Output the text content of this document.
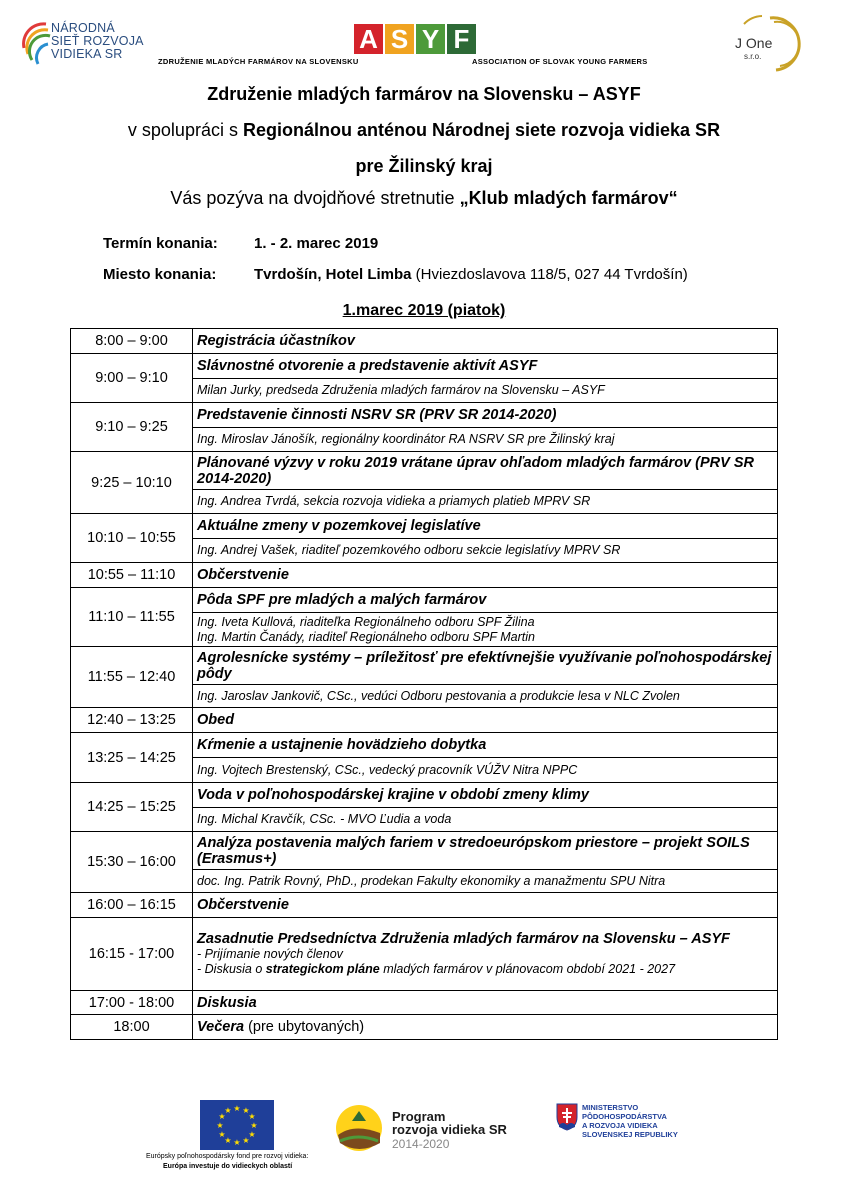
NÁRODNÁ
SIEŤ ROZVOJA
VIDIEKA SR	A S Y F
ZDRUŽENIE MLADÝCH FARMÁROV NA SLOVENSKU	ASSOCIATION OF SLOVAK YOUNG FARMERS
J One
s.r.o.
Združenie mladých farmárov na Slovensku – ASYF
v spolupráci s Regionálnou anténou Národnej siete rozvoja vidieka SR
pre Žilinský kraj
Vás pozýva na dvojdňové stretnutie „Klub mladých farmárov“
Termín konania: 1. - 2. marec 2019
Miesto konania:	Tvrdošín, Hotel Limba (Hviezdoslavova 118/5, 027 44 Tvrdošín)
1.marec 2019 (piatok)
8:00 – 9:00	Registrácia účastníkov
9:00 – 9:10	Slávnostné otvorenie a predstavenie aktivít ASYF
	Milan Jurky, predseda Združenia mladých farmárov na Slovensku – ASYF
9:10 – 9:25	Predstavenie činnosti NSRV SR (PRV SR 2014-2020)
	Ing. Miroslav Jánošík, regionálny koordinátor RA NSRV SR pre Žilinský kraj
9:25 – 10:10	Plánované výzvy v roku 2019 vrátane úprav ohľadom mladých farmárov (PRV SR 2014-2020)
	Ing. Andrea Tvrdá, sekcia rozvoja vidieka a priamych platieb MPRV SR
10:10 – 10:55	Aktuálne zmeny v pozemkovej legislatíve
	Ing. Andrej Vašek, riaditeľ pozemkového odboru sekcie legislatívy MPRV SR
10:55 – 11:10	Občerstvenie
11:10 – 11:55	Pôda SPF pre mladých a malých farmárov

	Ing. Iveta Kullová, riaditeľka Regionálneho odboru SPF Žilina
Ing. Martin Čanády, riaditeľ Regionálneho odboru SPF Martin

11:55 – 12:40	Agrolesnícke systémy – príležitosť pre efektívnejšie využívanie poľnohospodárskej pôdy
	Ing. Jaroslav Jankovič, CSc., vedúci Odboru pestovania a produkcie lesa v NLC Zvolen
12:40 – 13:25	Obed
13:25 – 14:25	Kŕmenie a ustajnenie hovädzieho dobytka
	Ing. Vojtech Brestenský, CSc., vedecký pracovník VÚŽV Nitra NPPC
14:25 – 15:25	Voda v poľnohospodárskej krajine v období zmeny klimy
	Ing. Michal Kravčík, CSc. - MVO Ľudia a voda
15:30 – 16:00	Analýza postavenia malých fariem v stredoeurópskom priestore – projekt SOILS (Erasmus+)
	doc. Ing. Patrik Rovný, PhD., prodekan Fakulty ekonomiky a manažmentu SPU Nitra
16:00 – 16:15	Občerstvenie
16:15 - 17:00	Zasadnutie Predsedníctva Združenia mladých farmárov na Slovensku – ASYF
- Prijímanie nových členov
- Diskusia o strategickom pláne mladých farmárov v plánovacom období 2021 - 2027

17:00 - 18:00	Diskusia
18:00	Večera (pre ubytovaných)
★ ★
★
★
★
★
★
★
★
★
★
★
Európsky poľnohospodársky fond pre rozvoj vidieka:
Európa investuje do vidieckych oblastí
Program
rozvoja vidieka SR
2014-2020
MINISTERSTVO
PÔDOHOSPODÁRSTVA
A ROZVOJA VIDIEKA
SLOVENSKEJ REPUBLIKY
